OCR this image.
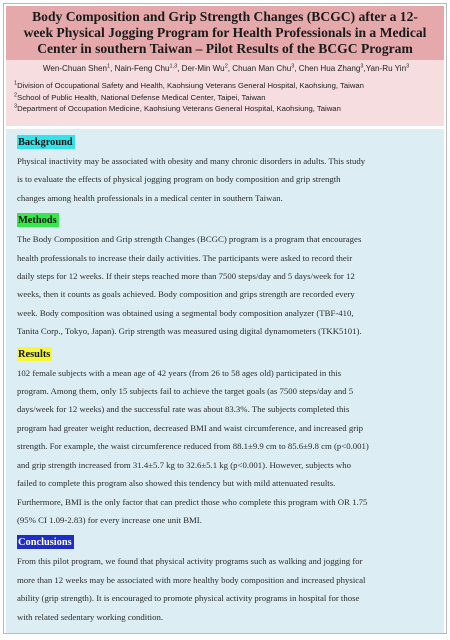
Body Composition and Grip Strength Changes (BCGC) after a 12-
week Physical Jogging Program for Health Professionals in a Medical
Center in southern Taiwan – Pilot Results of the BCGC Program

Wen-Chuan Shen$^1$, Nain-Feng Chu$^{1,3}$, Der-Min Wu$^2$, Chuan Man Chu$^3$, Chen Hua Zhang$^3$,Yan-Ru Yin$^3$

$^1$Division of Occupational Safety and Health, Kaohsiung Veterans General Hospital, Kaohsiung, Taiwan

$^2$School of Public Health, National Defense Medical Center, Taipei, Taiwan

$^3$Department of Occupation Medicine, Kaohsiung Veterans General Hospital, Kaohsiung, Taiwan

Background

Physical inactivity may be associated with obesity and many chronic disorders in adults. This study
is to evaluate the effects of physical jogging program on body composition and grip strength
changes among health professionals in a medical center in southern Taiwan.

Methods

The Body Composition and Grip strength Changes (BCGC) program is a program that encourages
health professionals to increase their daily activities. The participants were asked to record their
daily steps for 12 weeks. If their steps reached more than 7500 steps/day and 5 days/week for 12
weeks, then it counts as goals achieved. Body composition and grips strength are recorded every
week. Body composition was obtained using a segmental body composition analyzer (TBF-410,
Tanita Corp., Tokyo, Japan). Grip strength was measured using digital dynamometers (TKK5101).

Results

102 female subjects with a mean age of 42 years (from 26 to 58 ages old) participated in this
program. Among them, only 15 subjects fail to achieve the target goals (as 7500 steps/day and 5
days/week for 12 weeks) and the successful rate was about 83.3%. The subjects completed this
program had greater weight reduction, decreased BMI and waist circumference, and increased grip
strength. For example, the waist circumference reduced from 88.1±9.9 cm to 85.6±9.8 cm (p<0.001)
and grip strength increased from 31.4±5.7 kg to 32.6±5.1 kg (p<0.001). However, subjects who
failed to complete this program also showed this tendency but with mild attenuated results.
Furthermore, BMI is the only factor that can predict those who complete this program with OR 1.75
(95% CI 1.09-2.83) for every increase one unit BMI.

Conclusions

From this pilot program, we found that physical activity programs such as walking and jogging for
more than 12 weeks may be associated with more healthy body composition and increased physical
ability (grip strength). It is encouraged to promote physical activity programs in hospital for those
with related sedentary working condition.
